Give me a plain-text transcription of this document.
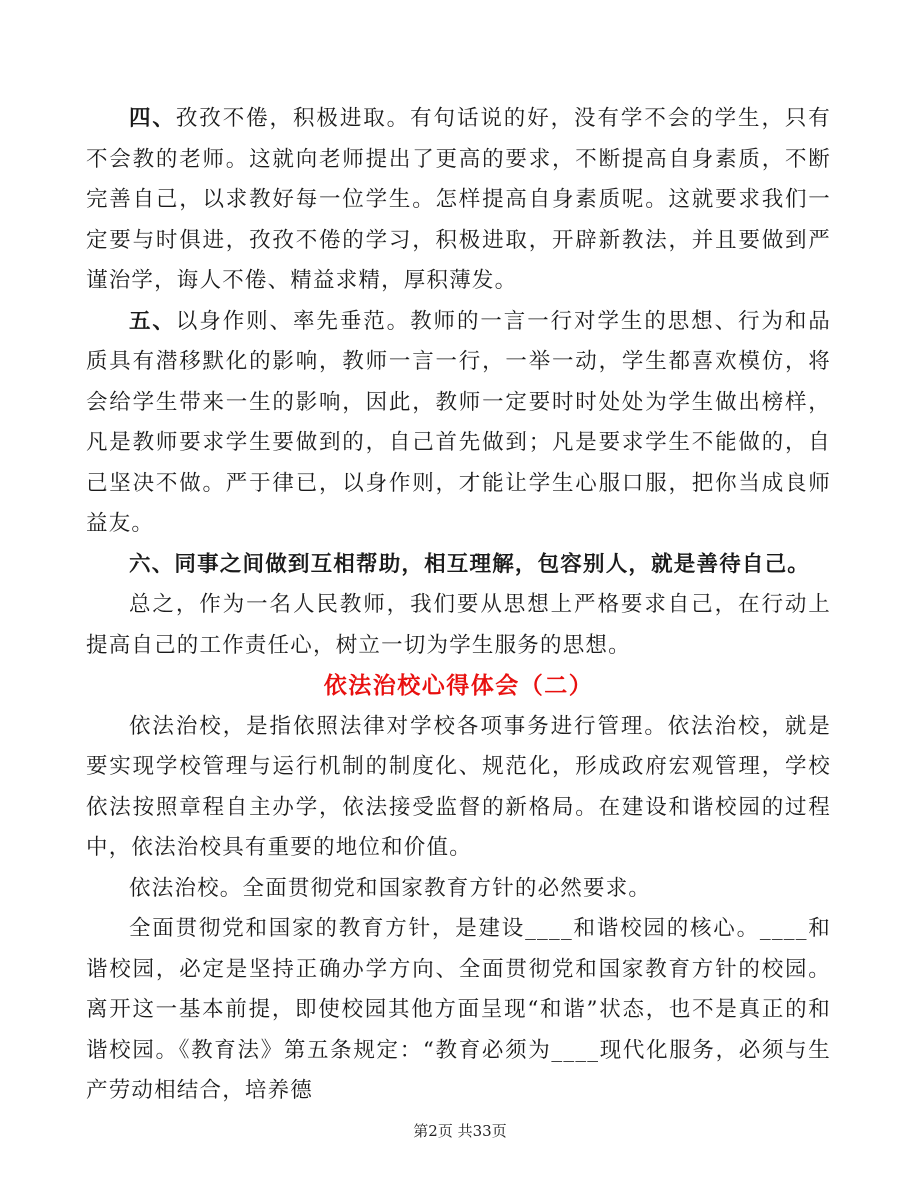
四、孜孜不倦，积极进取。有句话说的好，没有学不会的学生，只有不会教的老师。这就向老师提出了更高的要求，不断提高自身素质，不断完善自己，以求教好每一位学生。怎样提高自身素质呢。这就要求我们一定要与时俱进，孜孜不倦的学习，积极进取，开辟新教法，并且要做到严谨治学，诲人不倦、精益求精，厚积薄发。

五、以身作则、率先垂范。教师的一言一行对学生的思想、行为和品质具有潜移默化的影响，教师一言一行，一举一动，学生都喜欢模仿，将会给学生带来一生的影响，因此，教师一定要时时处处为学生做出榜样，凡是教师要求学生要做到的，自己首先做到；凡是要求学生不能做的，自己坚决不做。严于律已，以身作则，才能让学生心服口服，把你当成良师益友。

六、同事之间做到互相帮助，相互理解，包容别人，就是善待自己。

总之，作为一名人民教师，我们要从思想上严格要求自己，在行动上提高自己的工作责任心，树立一切为学生服务的思想。

依法治校心得体会（二）

依法治校，是指依照法律对学校各项事务进行管理。依法治校，就是要实现学校管理与运行机制的制度化、规范化，形成政府宏观管理，学校依法按照章程自主办学，依法接受监督的新格局。在建设和谐校园的过程中，依法治校具有重要的地位和价值。

依法治校。全面贯彻党和国家教育方针的必然要求。

全面贯彻党和国家的教育方针，是建设____和谐校园的核心。____和谐校园，必定是坚持正确办学方向、全面贯彻党和国家教育方针的校园。离开这一基本前提，即使校园其他方面呈现“和谐”状态，也不是真正的和谐校园。《教育法》第五条规定：“教育必须为____现代化服务，必须与生产劳动相结合，培养德

第2页 共33页
